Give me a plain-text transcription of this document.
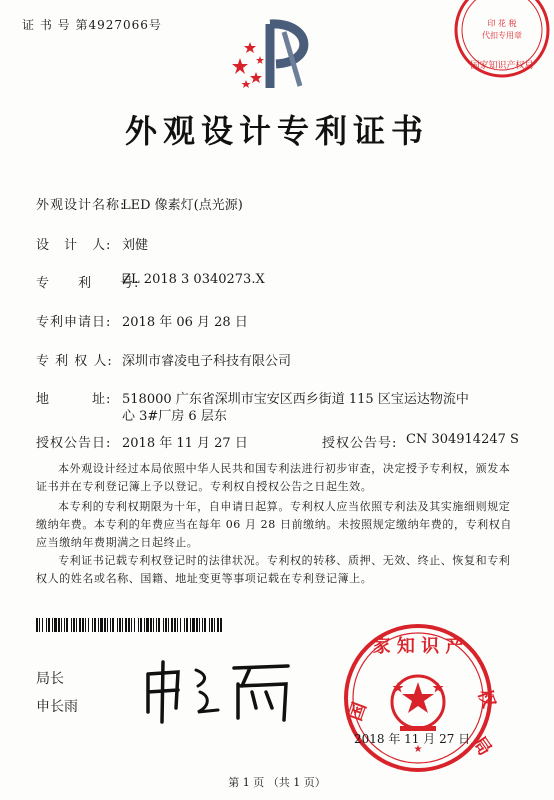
证 书 号 第4927066号	印 花 税
代扣专用章
国家知识产权局
外观设计专利证书
外观设计名称:
LED 像素灯(点光源)
设　计　人: 刘健
专　　利　　号:
ZL 2018 3 0340273.X
专利申请日: 2018 年 06 月 28 日
专 利 权 人: 深圳市睿凌电子科技有限公司
地　　　址: 518000 广东省深圳市宝安区西乡街道 115 区宝运达物流中
心 3#厂房 6 层东
授权公告日: 2018 年 11 月 27 日	授权公告号: CN 304914247 S
本外观设计经过本局依照中华人民共和国专利法进行初步审查，决定授予专利权，颁发本证书并在专利登记簿上予以登记。专利权自授权公告之日起生效。
本专利的专利权期限为十年，自申请日起算。专利权人应当依照专利法及其实施细则规定缴纳年费。本专利的年费应当在每年 06 月 28 日前缴纳。未按照规定缴纳年费的，专利权自应当缴纳年费期满之日起终止。
专利证书记载专利权登记时的法律状况。专利权的转移、质押、无效、终止、恢复和专利权人的姓名或名称、国籍、地址变更等事项记载在专利登记簿上。
家 知 识 产
国
权
局
★
局长
申长雨
2018 年 11 月 27 日
第 1 页 （共 1 页）
